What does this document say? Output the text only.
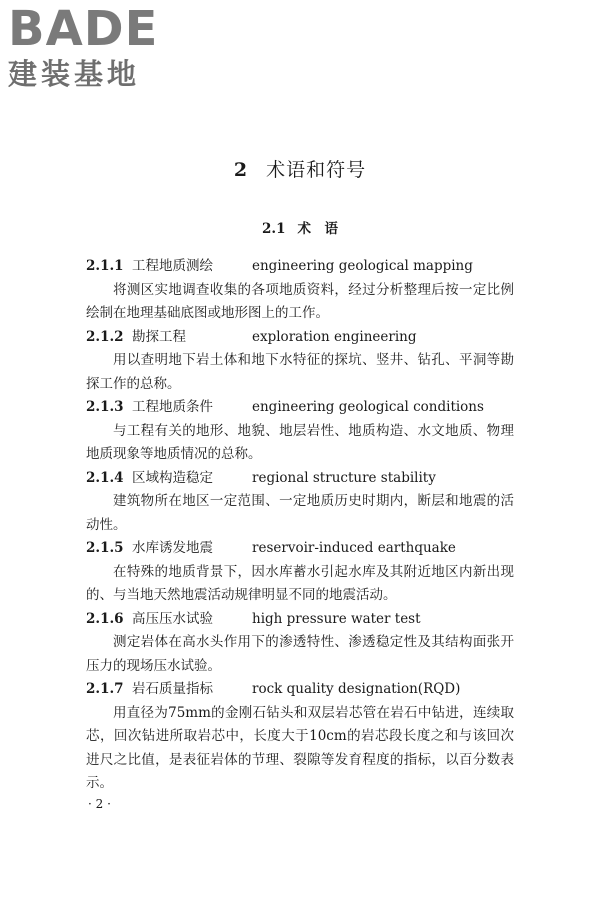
BADE
建装基地
2 术语和符号
2.1 术　语
2.1.1 工程地质测绘	engineering geological mapping

将测区实地调查收集的各项地质资料，经过分析整理后按一定比例绘制在地理基础底图或地形图上的工作。

2.1.2 勘探工程	exploration engineering

用以查明地下岩土体和地下水特征的探坑、竖井、钻孔、平洞等勘探工作的总称。

2.1.3 工程地质条件	engineering geological conditions

与工程有关的地形、地貌、地层岩性、地质构造、水文地质、物理地质现象等地质情况的总称。

2.1.4 区域构造稳定	regional structure stability

建筑物所在地区一定范围、一定地质历史时期内，断层和地震的活动性。

2.1.5 水库诱发地震	reservoir-induced earthquake

在特殊的地质背景下，因水库蓄水引起水库及其附近地区内新出现的、与当地天然地震活动规律明显不同的地震活动。

2.1.6 高压压水试验	high pressure water test

测定岩体在高水头作用下的渗透特性、渗透稳定性及其结构面张开压力的现场压水试验。

2.1.7 岩石质量指标	rock quality designation(RQD)

用直径为75mm的金刚石钻头和双层岩芯管在岩石中钻进，连续取芯，回次钻进所取岩芯中，长度大于10cm的岩芯段长度之和与该回次进尺之比值，是表征岩体的节理、裂隙等发育程度的指标，以百分数表示。

· 2 ·
